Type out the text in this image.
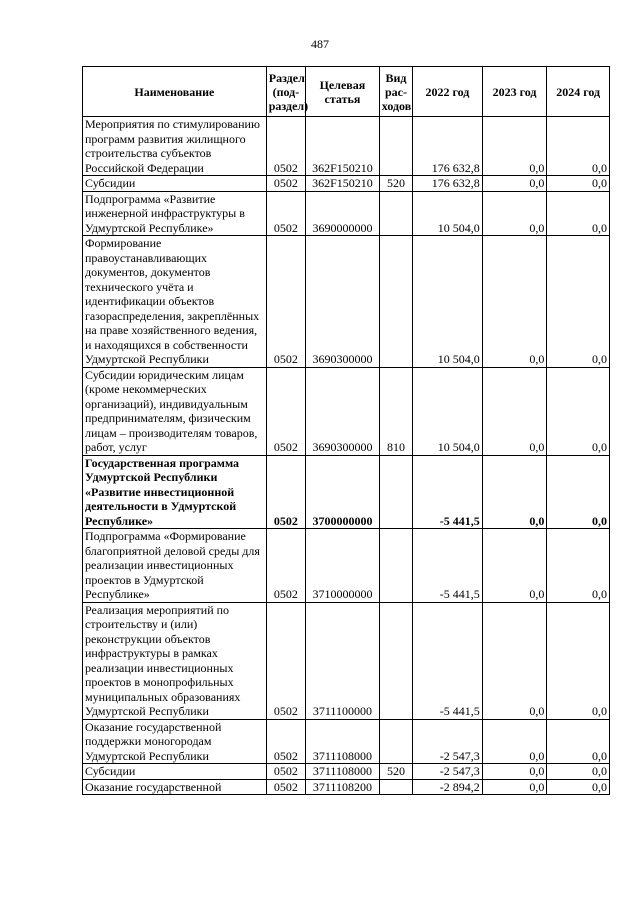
487
Наименование	Раздел (под-раздел)	Целевая статья	Вид рас-ходов	2022 год	2023 год	2024 год
Мероприятия по стимулированию программ развития жилищного строительства субъектов Российской Федерации	0502	362F150210		176 632,8	0,0	0,0
Субсидии	0502	362F150210	520	176 632,8	0,0	0,0
Подпрограмма «Развитие инженерной инфраструктуры в Удмуртской Республике»	0502	3690000000		10 504,0	0,0	0,0
Формирование правоустанавливающих документов, документов технического учёта и идентификации объектов газораспределения, закреплённых на праве хозяйственного ведения, и находящихся в собственности Удмуртской Республики	0502	3690300000		10 504,0	0,0	0,0
Субсидии юридическим лицам (кроме некоммерческих организаций), индивидуальным предпринимателям, физическим лицам – производителям товаров, работ, услуг	0502	3690300000	810	10 504,0	0,0	0,0
Государственная программа Удмуртской Республики «Развитие инвестиционной деятельности в Удмуртской Республике»	0502	3700000000		-5 441,5	0,0	0,0
Подпрограмма «Формирование благоприятной деловой среды для реализации инвестиционных проектов в Удмуртской Республике»	0502	3710000000		-5 441,5	0,0	0,0
Реализация мероприятий по строительству и (или) реконструкции объектов инфраструктуры в рамках реализации инвестиционных проектов в монопрофильных муниципальных образованиях Удмуртской Республики	0502	3711100000		-5 441,5	0,0	0,0
Оказание государственной поддержки моногородам Удмуртской Республики	0502	3711108000		-2 547,3	0,0	0,0
Субсидии	0502	3711108000	520	-2 547,3	0,0	0,0
Оказание государственной	0502	3711108200		-2 894,2	0,0	0,0
